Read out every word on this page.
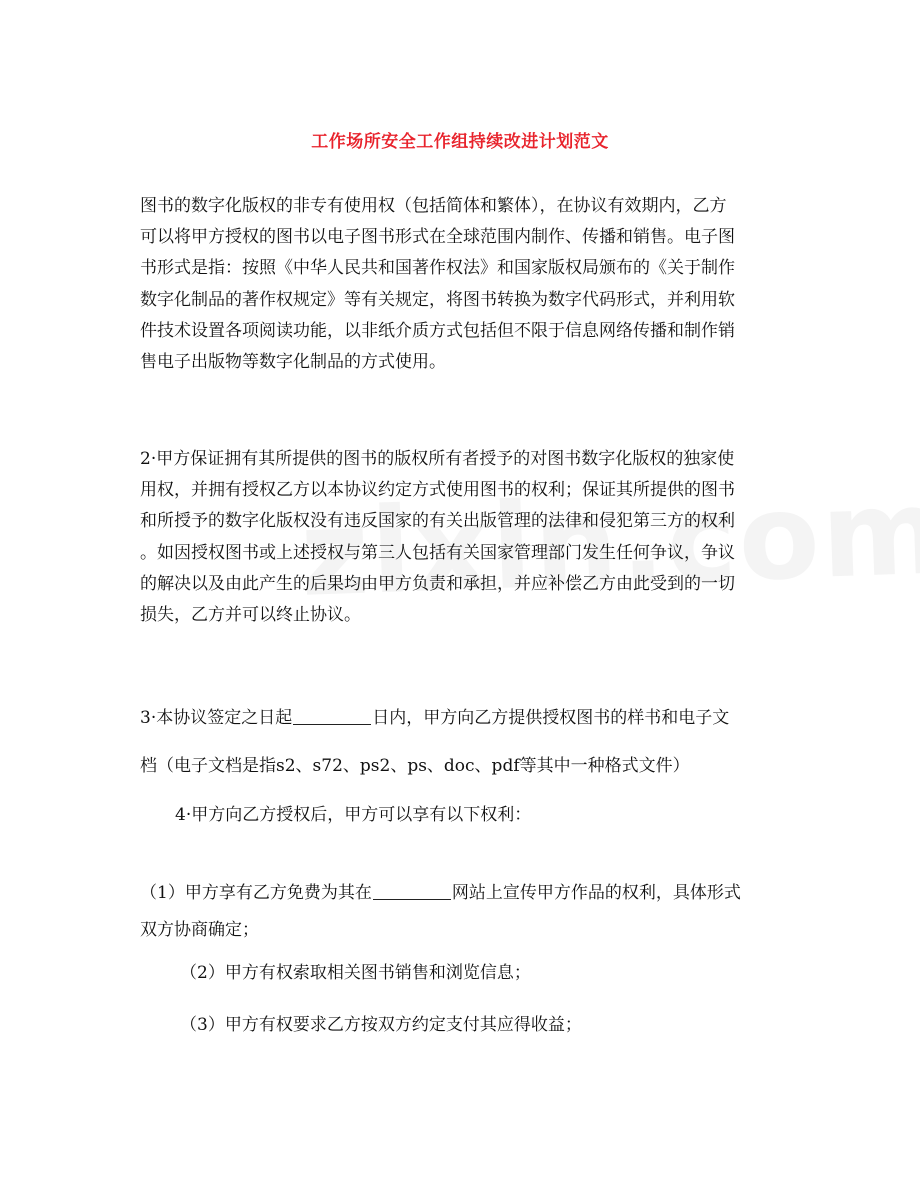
工作场所安全工作组持续改进计划范文
图书的数字化版权的非专有使用权（包括简体和繁体），在协议有效期内，乙方
可以将甲方授权的图书以电子图书形式在全球范围内制作、传播和销售。电子图
书形式是指：按照《中华人民共和国著作权法》和国家版权局颁布的《关于制作
数字化制品的著作权规定》等有关规定，将图书转换为数字代码形式，并利用软
件技术设置各项阅读功能，以非纸介质方式包括但不限于信息网络传播和制作销
售电子出版物等数字化制品的方式使用。
2·甲方保证拥有其所提供的图书的版权所有者授予的对图书数字化版权的独家使
用权，并拥有授权乙方以本协议约定方式使用图书的权利；保证其所提供的图书
和所授予的数字化版权没有违反国家的有关出版管理的法律和侵犯第三方的权利
。如因授权图书或上述授权与第三人包括有关国家管理部门发生任何争议，争议
的解决以及由此产生的后果均由甲方负责和承担，并应补偿乙方由此受到的一切
损失，乙方并可以终止协议。
3·本协议签定之日起	日内，甲方向乙方提供授权图书的样书和电子文
档（电子文档是指s2、s72、ps2、ps、doc、pdf等其中一种格式文件）
4·甲方向乙方授权后，甲方可以享有以下权利：
（1）甲方享有乙方免费为其在	网站上宣传甲方作品的权利，具体形式
双方协商确定；
（2）甲方有权索取相关图书销售和浏览信息；
（3）甲方有权要求乙方按双方约定支付其应得收益；
